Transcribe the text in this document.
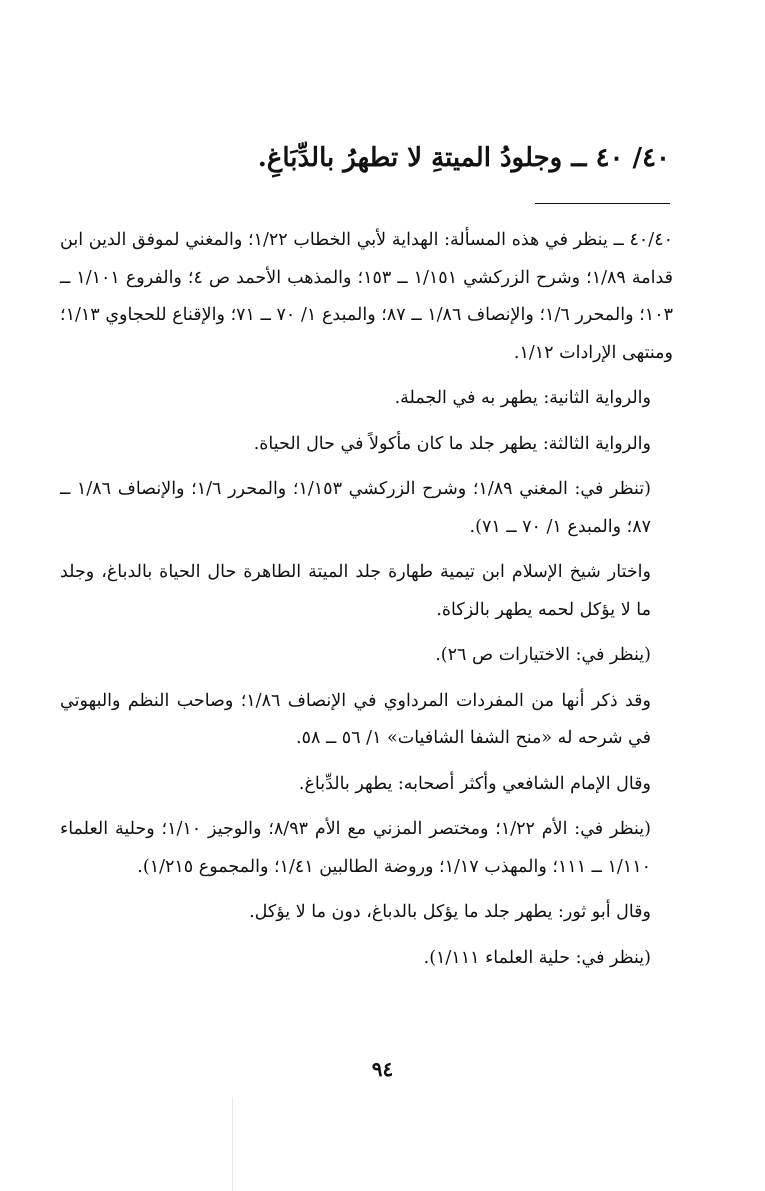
٤٠/ ٤٠ ــ وجلودُ الميتةِ لا تطهرُ بالدِّبَاغِ.

٤٠/٤٠ ــ ينظر في هذه المسألة: الهداية لأبي الخطاب ١/٢٢؛ والمغني لموفق الدين ابن قدامة ١/٨٩؛ وشرح الزركشي ١/١٥١ ــ ١٥٣؛ والمذهب الأحمد ص ٤؛ والفروع ١/١٠١ ــ ١٠٣؛ والمحرر ١/٦؛ والإنصاف ١/٨٦ ــ ٨٧؛ والمبدع ١/ ٧٠ ــ ٧١؛ والإقناع للحجاوي ١/١٣؛ ومنتهى الإرادات ١/١٢.

والرواية الثانية: يطهر به في الجملة.

والرواية الثالثة: يطهر جلد ما كان مأكولاً في حال الحياة.

(تنظر في: المغني ١/٨٩؛ وشرح الزركشي ١/١٥٣؛ والمحرر ١/٦؛ والإنصاف ١/٨٦ ــ ٨٧؛ والمبدع ١/ ٧٠ ــ ٧١).

واختار شيخ الإسلام ابن تيمية طهارة جلد الميتة الطاهرة حال الحياة بالدباغ، وجلد ما لا يؤكل لحمه يطهر بالزكاة.

(ينظر في: الاختيارات ص ٢٦).

وقد ذكر أنها من المفردات المرداوي في الإنصاف ١/٨٦؛ وصاحب النظم والبهوتي في شرحه له «منح الشفا الشافيات» ١/ ٥٦ ــ ٥٨.

وقال الإمام الشافعي وأكثر أصحابه: يطهر بالدِّباغ.

(ينظر في: الأم ١/٢٢؛ ومختصر المزني مع الأم ٨/٩٣؛ والوجيز ١/١٠؛ وحلية العلماء ١/١١٠ ــ ١١١؛ والمهذب ١/١٧؛ وروضة الطالبين ١/٤١؛ والمجموع ١/٢١٥).

وقال أبو ثور: يطهر جلد ما يؤكل بالدباغ، دون ما لا يؤكل.

(ينظر في: حلية العلماء ١/١١١).

٩٤
